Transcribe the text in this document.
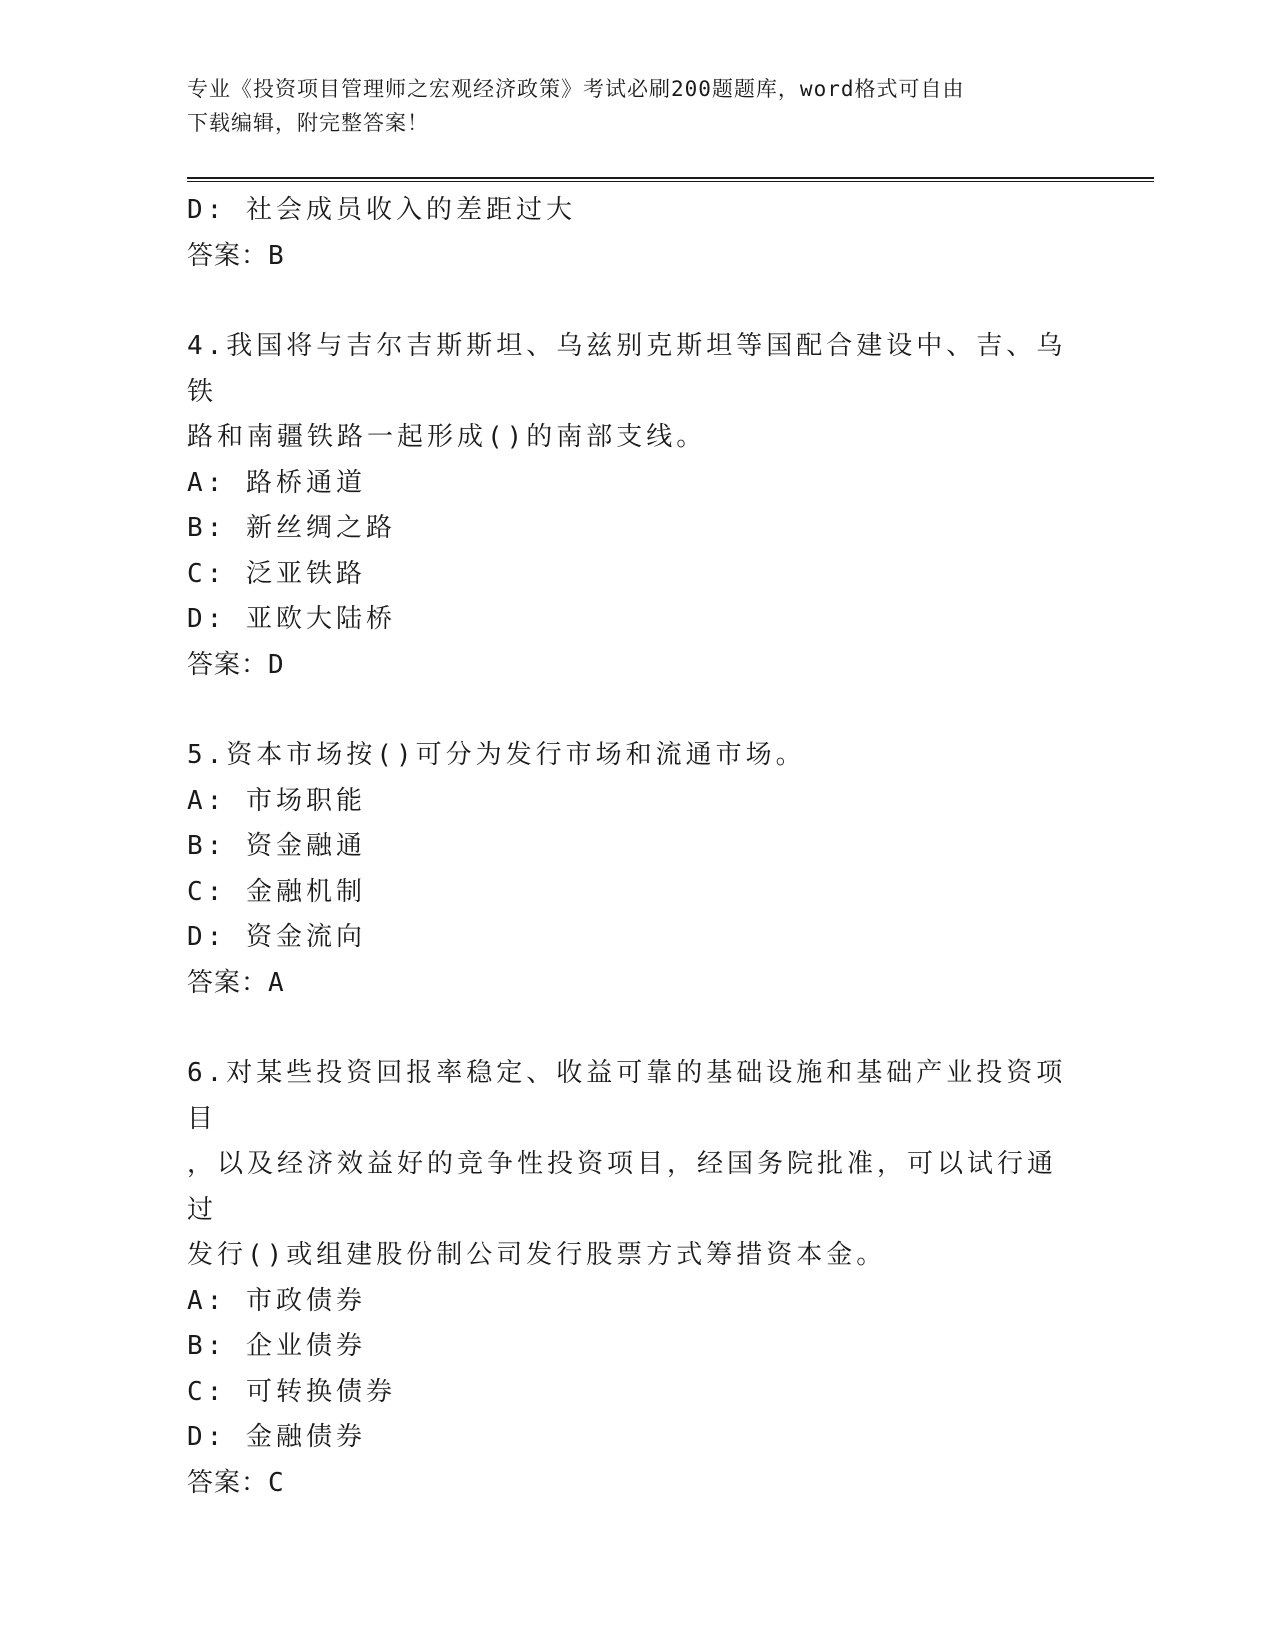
专业《投资项目管理师之宏观经济政策》考试必刷200题题库，word格式可自由
下载编辑，附完整答案！
D: 社会成员收入的差距过大
答案：B
4.我国将与吉尔吉斯斯坦、乌兹别克斯坦等国配合建设中、吉、乌铁
路和南疆铁路一起形成()的南部支线。
A: 路桥通道
B: 新丝绸之路
C: 泛亚铁路
D: 亚欧大陆桥
答案：D
5.资本市场按()可分为发行市场和流通市场。
A: 市场职能
B: 资金融通
C: 金融机制
D: 资金流向
答案：A
6.对某些投资回报率稳定、收益可靠的基础设施和基础产业投资项目
，以及经济效益好的竞争性投资项目，经国务院批准，可以试行通过
发行()或组建股份制公司发行股票方式筹措资本金。
A: 市政债券
B: 企业债券
C: 可转换债券
D: 金融债券
答案：C
